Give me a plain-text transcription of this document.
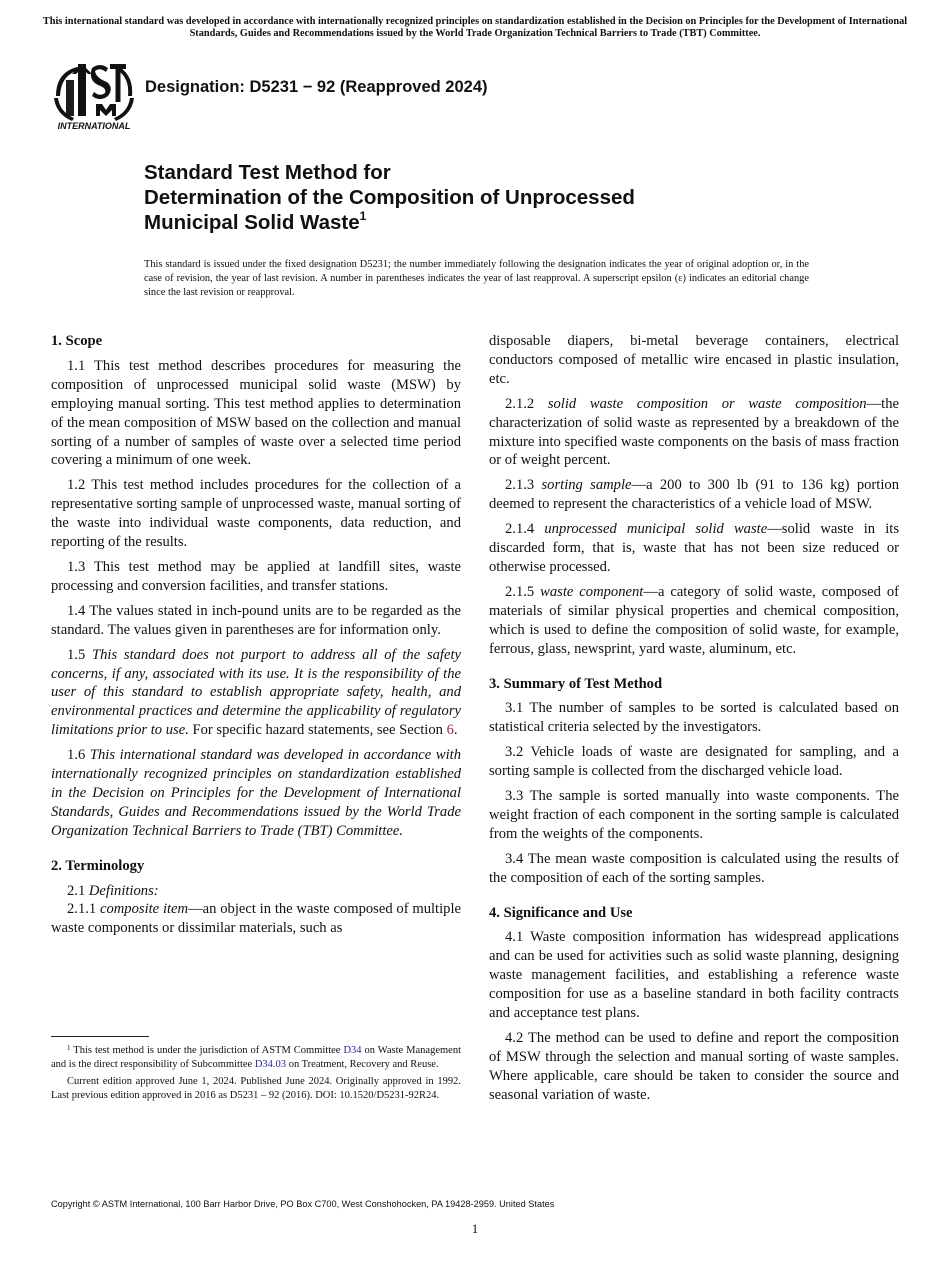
This international standard was developed in accordance with internationally recognized principles on standardization established in the Decision on Principles for the Development of International Standards, Guides and Recommendations issued by the World Trade Organization Technical Barriers to Trade (TBT) Committee.
INTERNATIONAL
Designation: D5231 − 92 (Reapproved 2024)
Standard Test Method for
Determination of the Composition of Unprocessed
Municipal Solid Waste$^1$
This standard is issued under the fixed designation D5231; the number immediately following the designation indicates the year of original adoption or, in the case of revision, the year of last revision. A number in parentheses indicates the year of last reapproval. A superscript epsilon (ε) indicates an editorial change since the last revision or reapproval.
1. Scope

1.1 This test method describes procedures for measuring the composition of unprocessed municipal solid waste (MSW) by employing manual sorting. This test method applies to determination of the mean composition of MSW based on the collection and manual sorting of a number of samples of waste over a selected time period covering a minimum of one week.

1.2 This test method includes procedures for the collection of a representative sorting sample of unprocessed waste, manual sorting of the waste into individual waste components, data reduction, and reporting of the results.

1.3 This test method may be applied at landfill sites, waste processing and conversion facilities, and transfer stations.

1.4 The values stated in inch-pound units are to be regarded as the standard. The values given in parentheses are for information only.

1.5 This standard does not purport to address all of the safety concerns, if any, associated with its use. It is the responsibility of the user of this standard to establish appropriate safety, health, and environmental practices and determine the applicability of regulatory limitations prior to use. For specific hazard statements, see Section 6.

1.6 This international standard was developed in accordance with internationally recognized principles on standardization established in the Decision on Principles for the Development of International Standards, Guides and Recommendations issued by the World Trade Organization Technical Barriers to Trade (TBT) Committee.

2. Terminology

2.1 Definitions:

2.1.1 composite item—an object in the waste composed of multiple waste components or dissimilar materials, such as

disposable diapers, bi-metal beverage containers, electrical conductors composed of metallic wire encased in plastic insulation, etc.

2.1.2 solid waste composition or waste composition—the characterization of solid waste as represented by a breakdown of the mixture into specified waste components on the basis of mass fraction or of weight percent.

2.1.3 sorting sample—a 200 to 300 lb (91 to 136 kg) portion deemed to represent the characteristics of a vehicle load of MSW.

2.1.4 unprocessed municipal solid waste—solid waste in its discarded form, that is, waste that has not been size reduced or otherwise processed.

2.1.5 waste component—a category of solid waste, composed of materials of similar physical properties and chemical composition, which is used to define the composition of solid waste, for example, ferrous, glass, newsprint, yard waste, aluminum, etc.

3. Summary of Test Method

3.1 The number of samples to be sorted is calculated based on statistical criteria selected by the investigators.

3.2 Vehicle loads of waste are designated for sampling, and a sorting sample is collected from the discharged vehicle load.

3.3 The sample is sorted manually into waste components. The weight fraction of each component in the sorting sample is calculated from the weights of the components.

3.4 The mean waste composition is calculated using the results of the composition of each of the sorting samples.

4. Significance and Use

4.1 Waste composition information has widespread applications and can be used for activities such as solid waste planning, designing waste management facilities, and establishing a reference waste composition for use as a baseline standard in both facility contracts and acceptance test plans.

4.2 The method can be used to define and report the composition of MSW through the selection and manual sorting of waste samples. Where applicable, care should be taken to consider the source and seasonal variation of waste.

$^1$ This test method is under the jurisdiction of ASTM Committee D34 on Waste Management and is the direct responsibility of Subcommittee D34.03 on Treatment, Recovery and Reuse.

Current edition approved June 1, 2024. Published June 2024. Originally approved in 1992. Last previous edition approved in 2016 as D5231 – 92 (2016). DOI: 10.1520/D5231-92R24.

Copyright © ASTM International, 100 Barr Harbor Drive, PO Box C700, West Conshohocken, PA 19428-2959. United States
1
